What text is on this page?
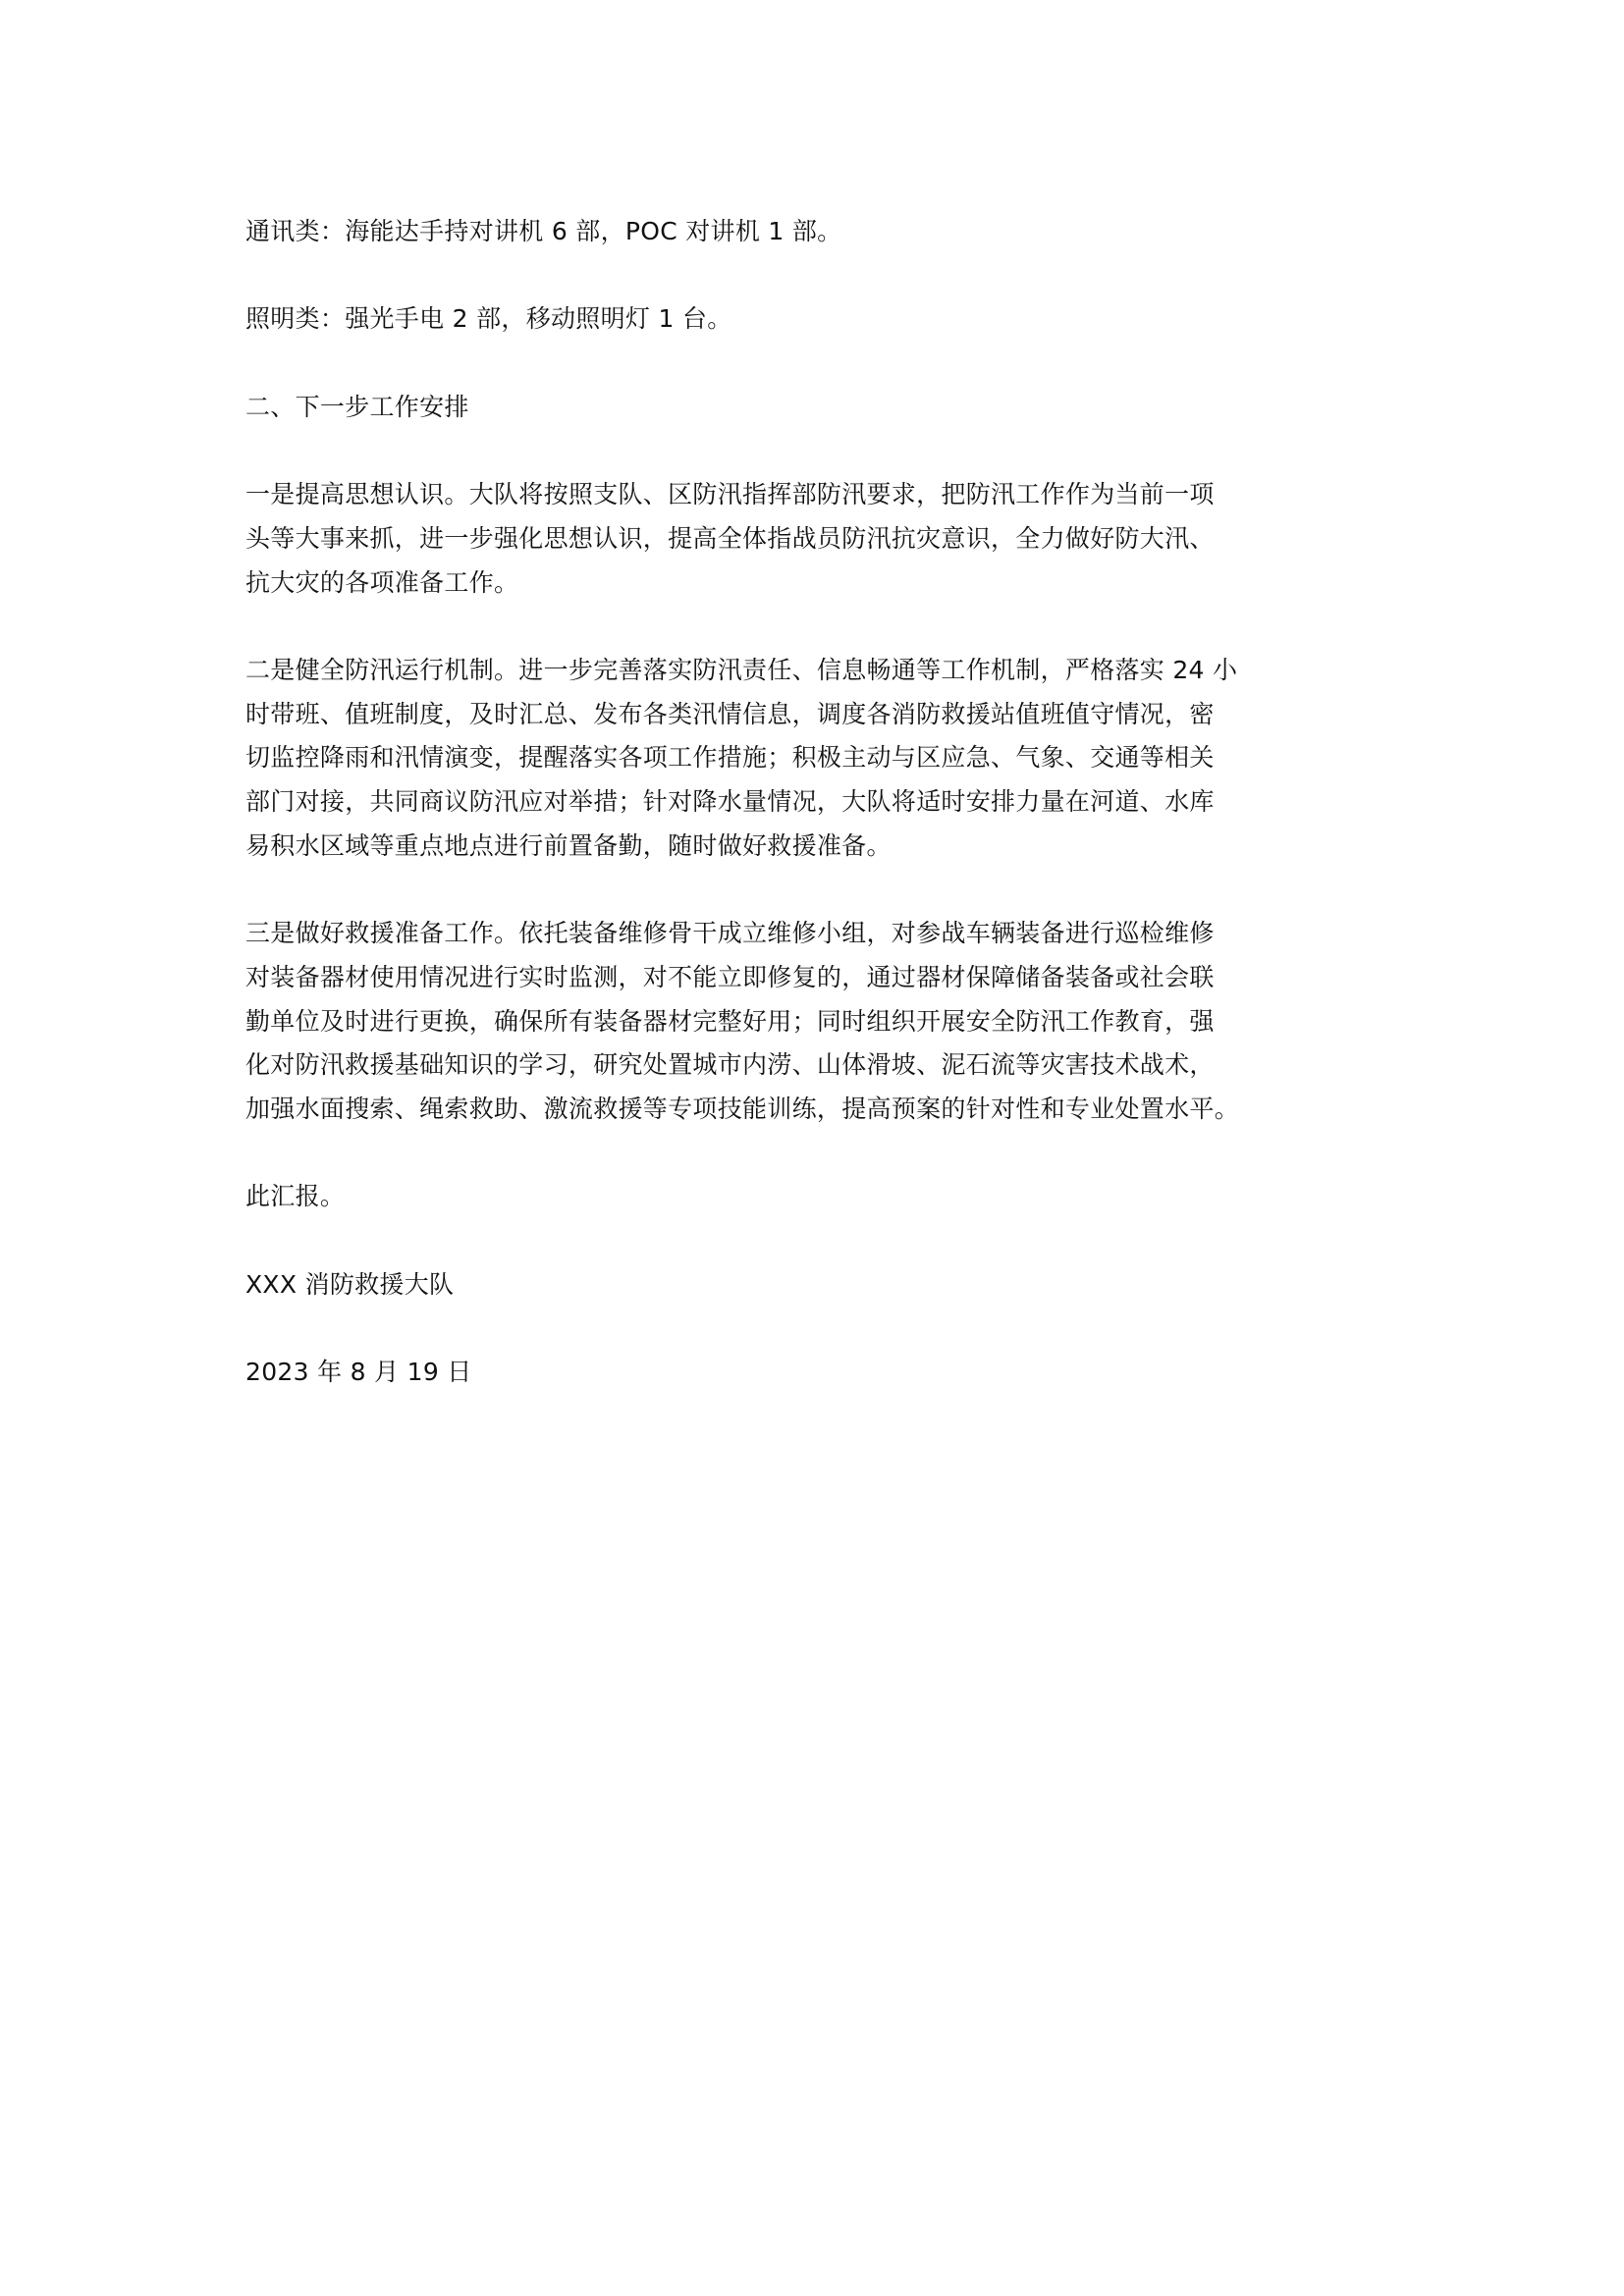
通讯类：海能达手持对讲机 6 部，POC 对讲机 1 部。

照明类：强光手电 2 部，移动照明灯 1 台。

二、下一步工作安排

一是提高思想认识。大队将按照支队、区防汛指挥部防汛要求，把防汛工作作为当前一项
头等大事来抓，进一步强化思想认识，提高全体指战员防汛抗灾意识，全力做好防大汛、
抗大灾的各项准备工作。

二是健全防汛运行机制。进一步完善落实防汛责任、信息畅通等工作机制，严格落实 24 小
时带班、值班制度，及时汇总、发布各类汛情信息，调度各消防救援站值班值守情况，密
切监控降雨和汛情演变，提醒落实各项工作措施；积极主动与区应急、气象、交通等相关
部门对接，共同商议防汛应对举措；针对降水量情况，大队将适时安排力量在河道、水库
易积水区域等重点地点进行前置备勤，随时做好救援准备。

三是做好救援准备工作。依托装备维修骨干成立维修小组，对参战车辆装备进行巡检维修
对装备器材使用情况进行实时监测，对不能立即修复的，通过器材保障储备装备或社会联
勤单位及时进行更换，确保所有装备器材完整好用；同时组织开展安全防汛工作教育，强
化对防汛救援基础知识的学习，研究处置城市内涝、山体滑坡、泥石流等灾害技术战术，
加强水面搜索、绳索救助、激流救援等专项技能训练，提高预案的针对性和专业处置水平。

此汇报。

XXX 消防救援大队

2023 年 8 月 19 日
